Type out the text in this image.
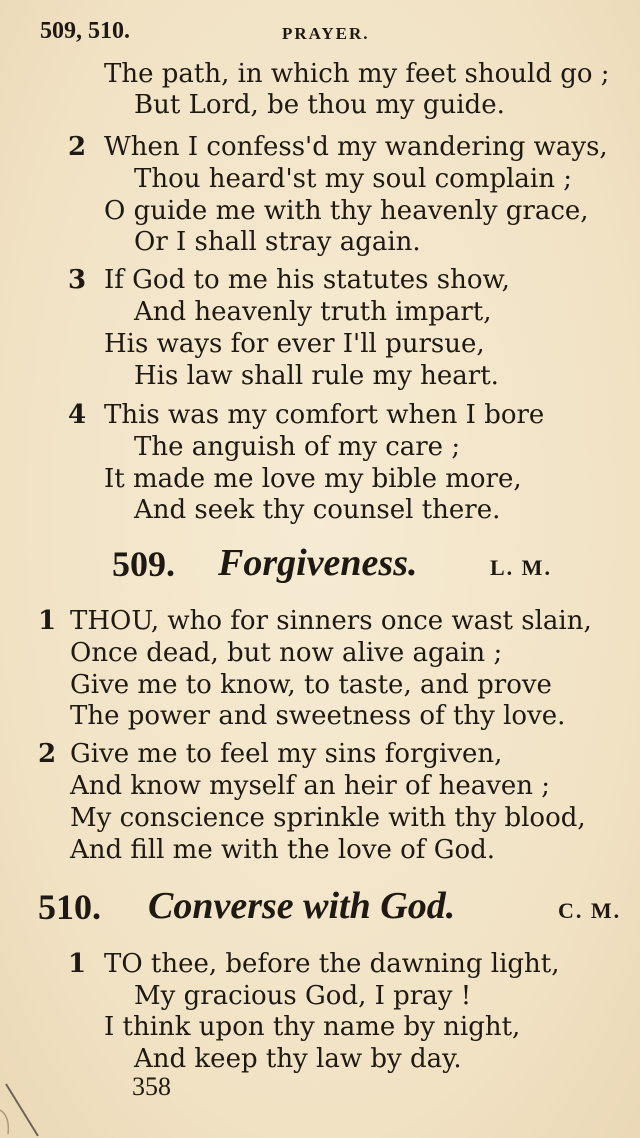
509, 510.	PRAYER.
The path, in which my feet should go ;
But Lord, be thou my guide.
2 When I confess'd my wandering ways,
Thou heard'st my soul complain ;
O guide me with thy heavenly grace,
Or I shall stray again.
3 If God to me his statutes show,
And heavenly truth impart,
His ways for ever I'll pursue,
His law shall rule my heart.
4 This was my comfort when I bore
The anguish of my care ;
It made me love my bible more,
And seek thy counsel there.
509. Forgiveness.	L. M.
1 THOU, who for sinners once wast slain,
Once dead, but now alive again ;
Give me to know, to taste, and prove
The power and sweetness of thy love.
2 Give me to feel my sins forgiven,
And know myself an heir of heaven ;
My conscience sprinkle with thy blood,
And fill me with the love of God.
510. Converse with God.	C. M.
1 TO thee, before the dawning light,
My gracious God, I pray !
I think upon thy name by night,
And keep thy law by day.
358
